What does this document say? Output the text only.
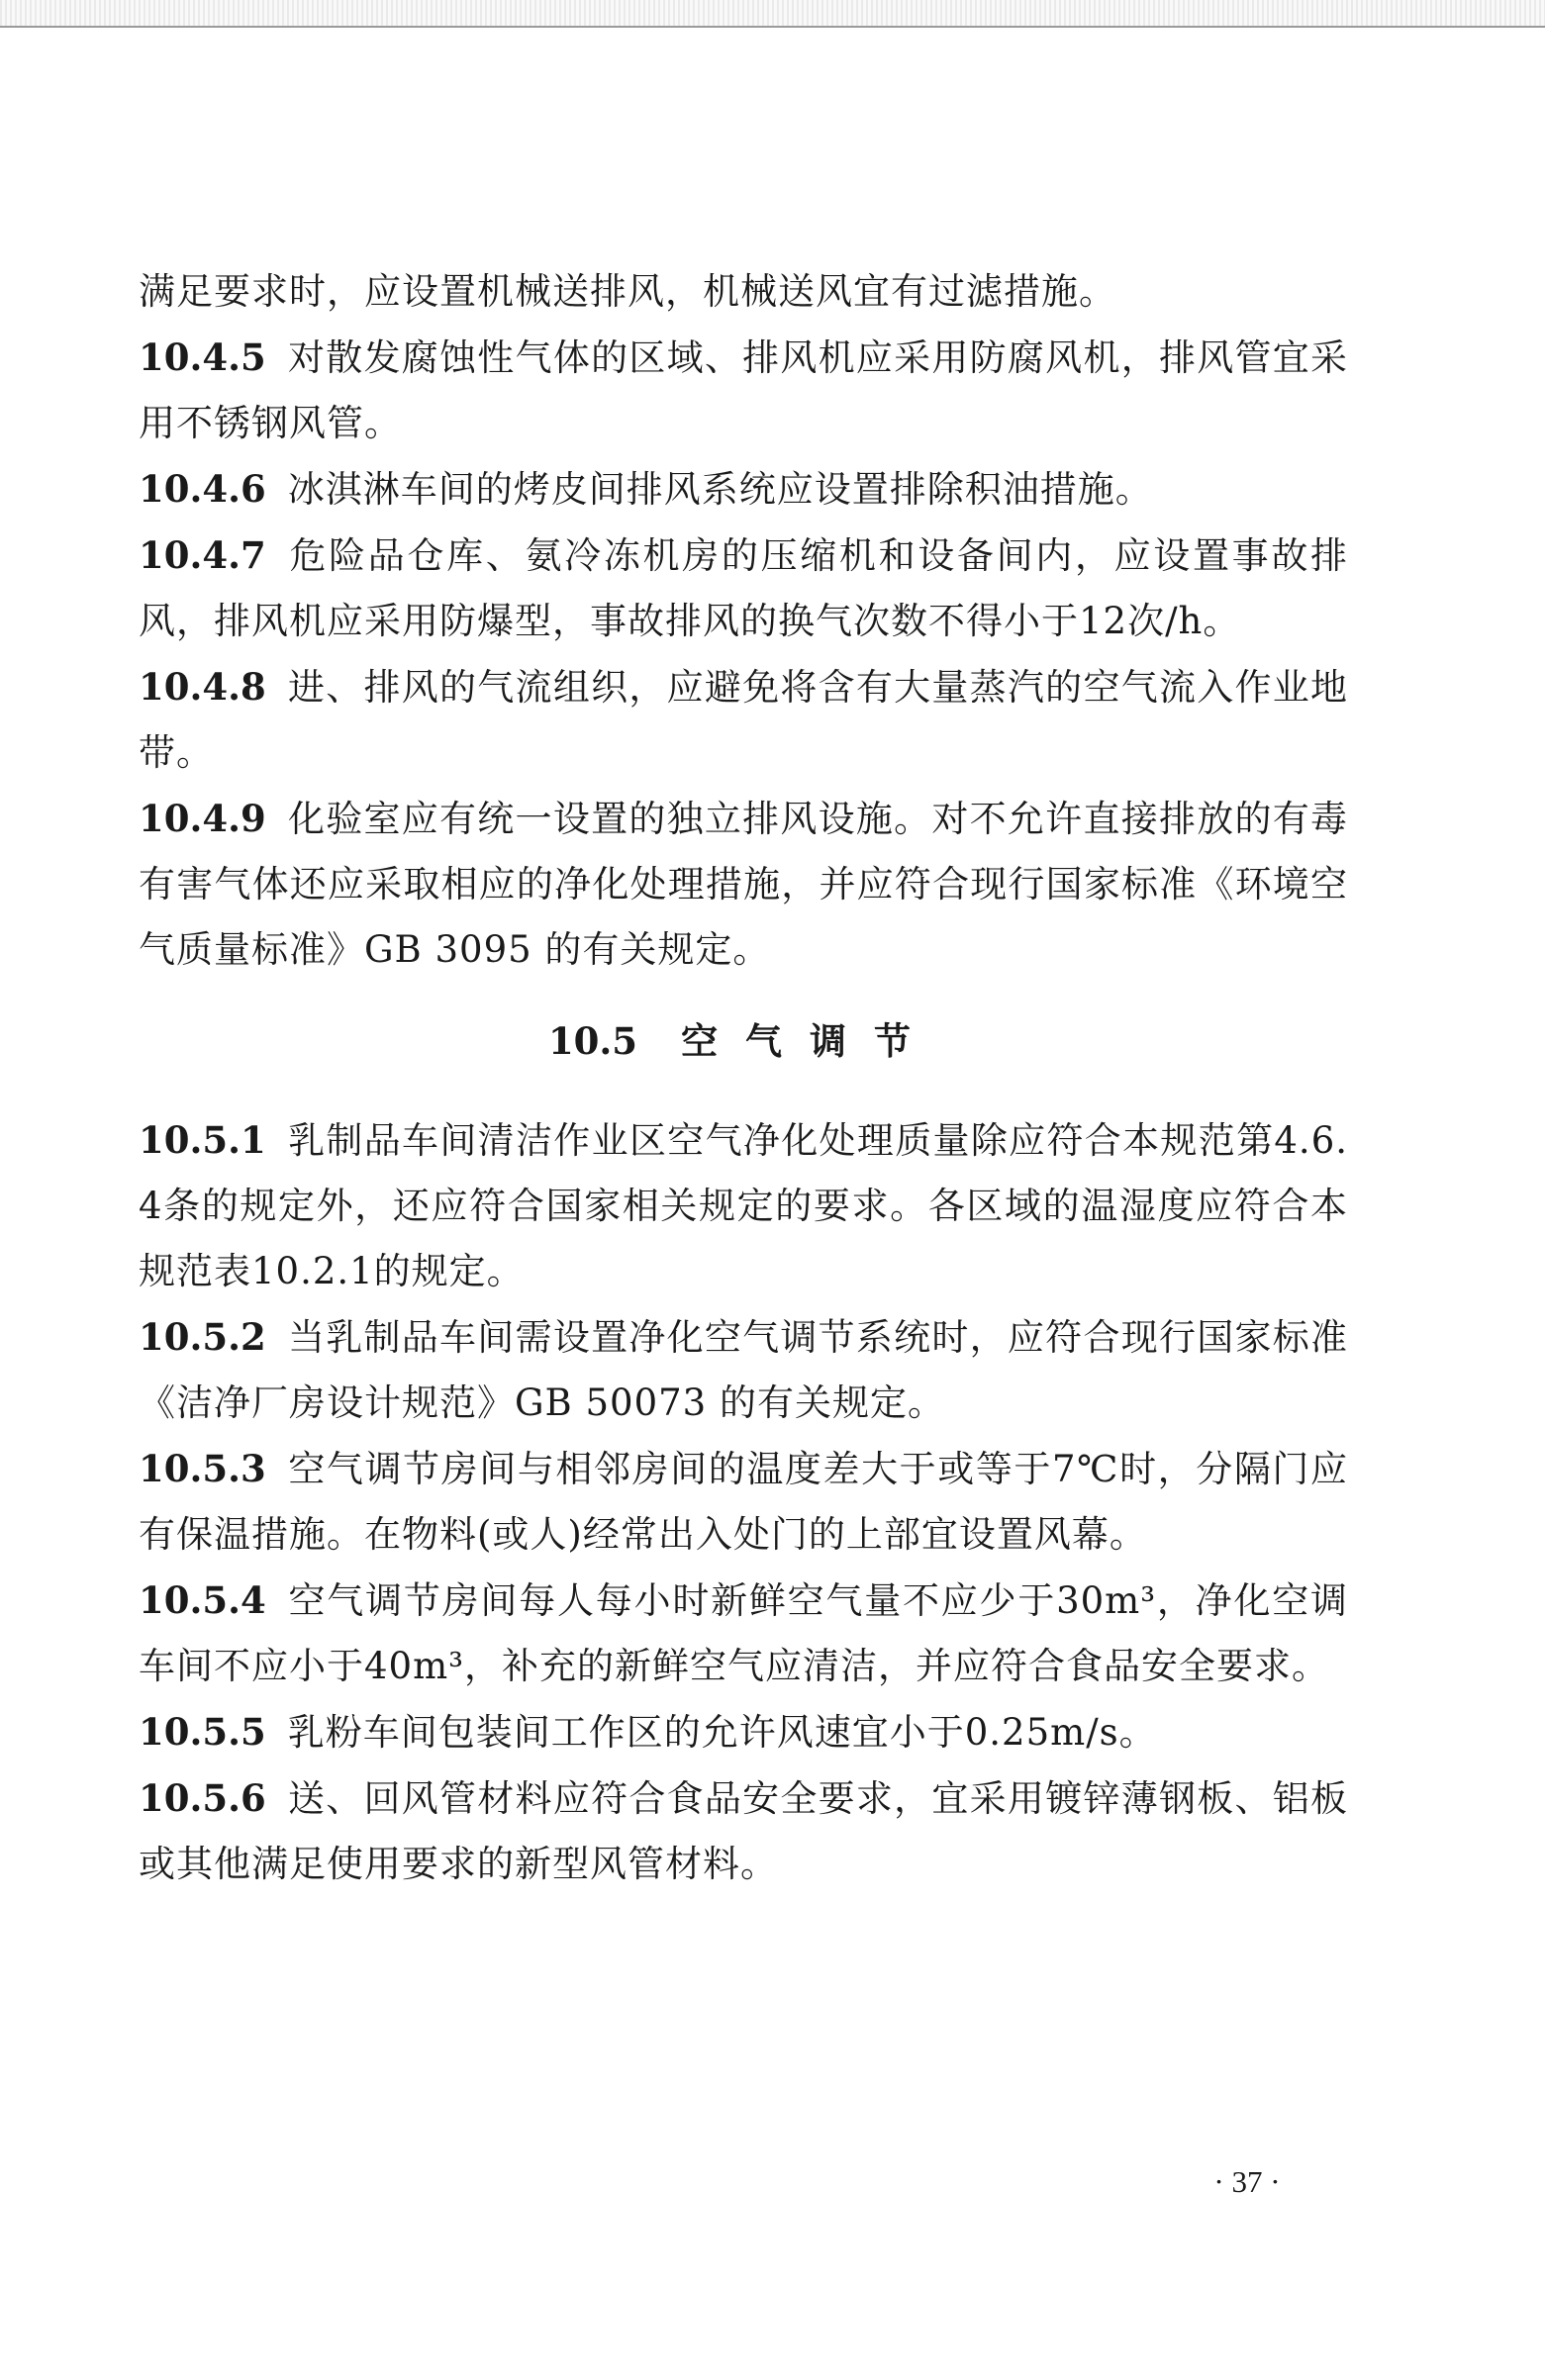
满足要求时，应设置机械送排风，机械送风宜有过滤措施。

10.4.5 对散发腐蚀性气体的区域、排风机应采用防腐风机，排风管宜采用不锈钢风管。

10.4.6 冰淇淋车间的烤皮间排风系统应设置排除积油措施。

10.4.7 危险品仓库、氨冷冻机房的压缩机和设备间内，应设置事故排风，排风机应采用防爆型，事故排风的换气次数不得小于12次/h。

10.4.8 进、排风的气流组织，应避免将含有大量蒸汽的空气流入作业地带。

10.4.9 化验室应有统一设置的独立排风设施。对不允许直接排放的有毒有害气体还应采取相应的净化处理措施，并应符合现行国家标准《环境空气质量标准》GB 3095 的有关规定。

10.5 空气调节

10.5.1 乳制品车间清洁作业区空气净化处理质量除应符合本规范第4.6.4条的规定外，还应符合国家相关规定的要求。各区域的温湿度应符合本规范表10.2.1的规定。

10.5.2 当乳制品车间需设置净化空气调节系统时，应符合现行国家标准《洁净厂房设计规范》GB 50073 的有关规定。

10.5.3 空气调节房间与相邻房间的温度差大于或等于7℃时，分隔门应有保温措施。在物料(或人)经常出入处门的上部宜设置风幕。

10.5.4 空气调节房间每人每小时新鲜空气量不应少于30m³，净化空调车间不应小于40m³，补充的新鲜空气应清洁，并应符合食品安全要求。

10.5.5 乳粉车间包装间工作区的允许风速宜小于0.25m/s。

10.5.6 送、回风管材料应符合食品安全要求，宜采用镀锌薄钢板、铝板或其他满足使用要求的新型风管材料。

· 37 ·
